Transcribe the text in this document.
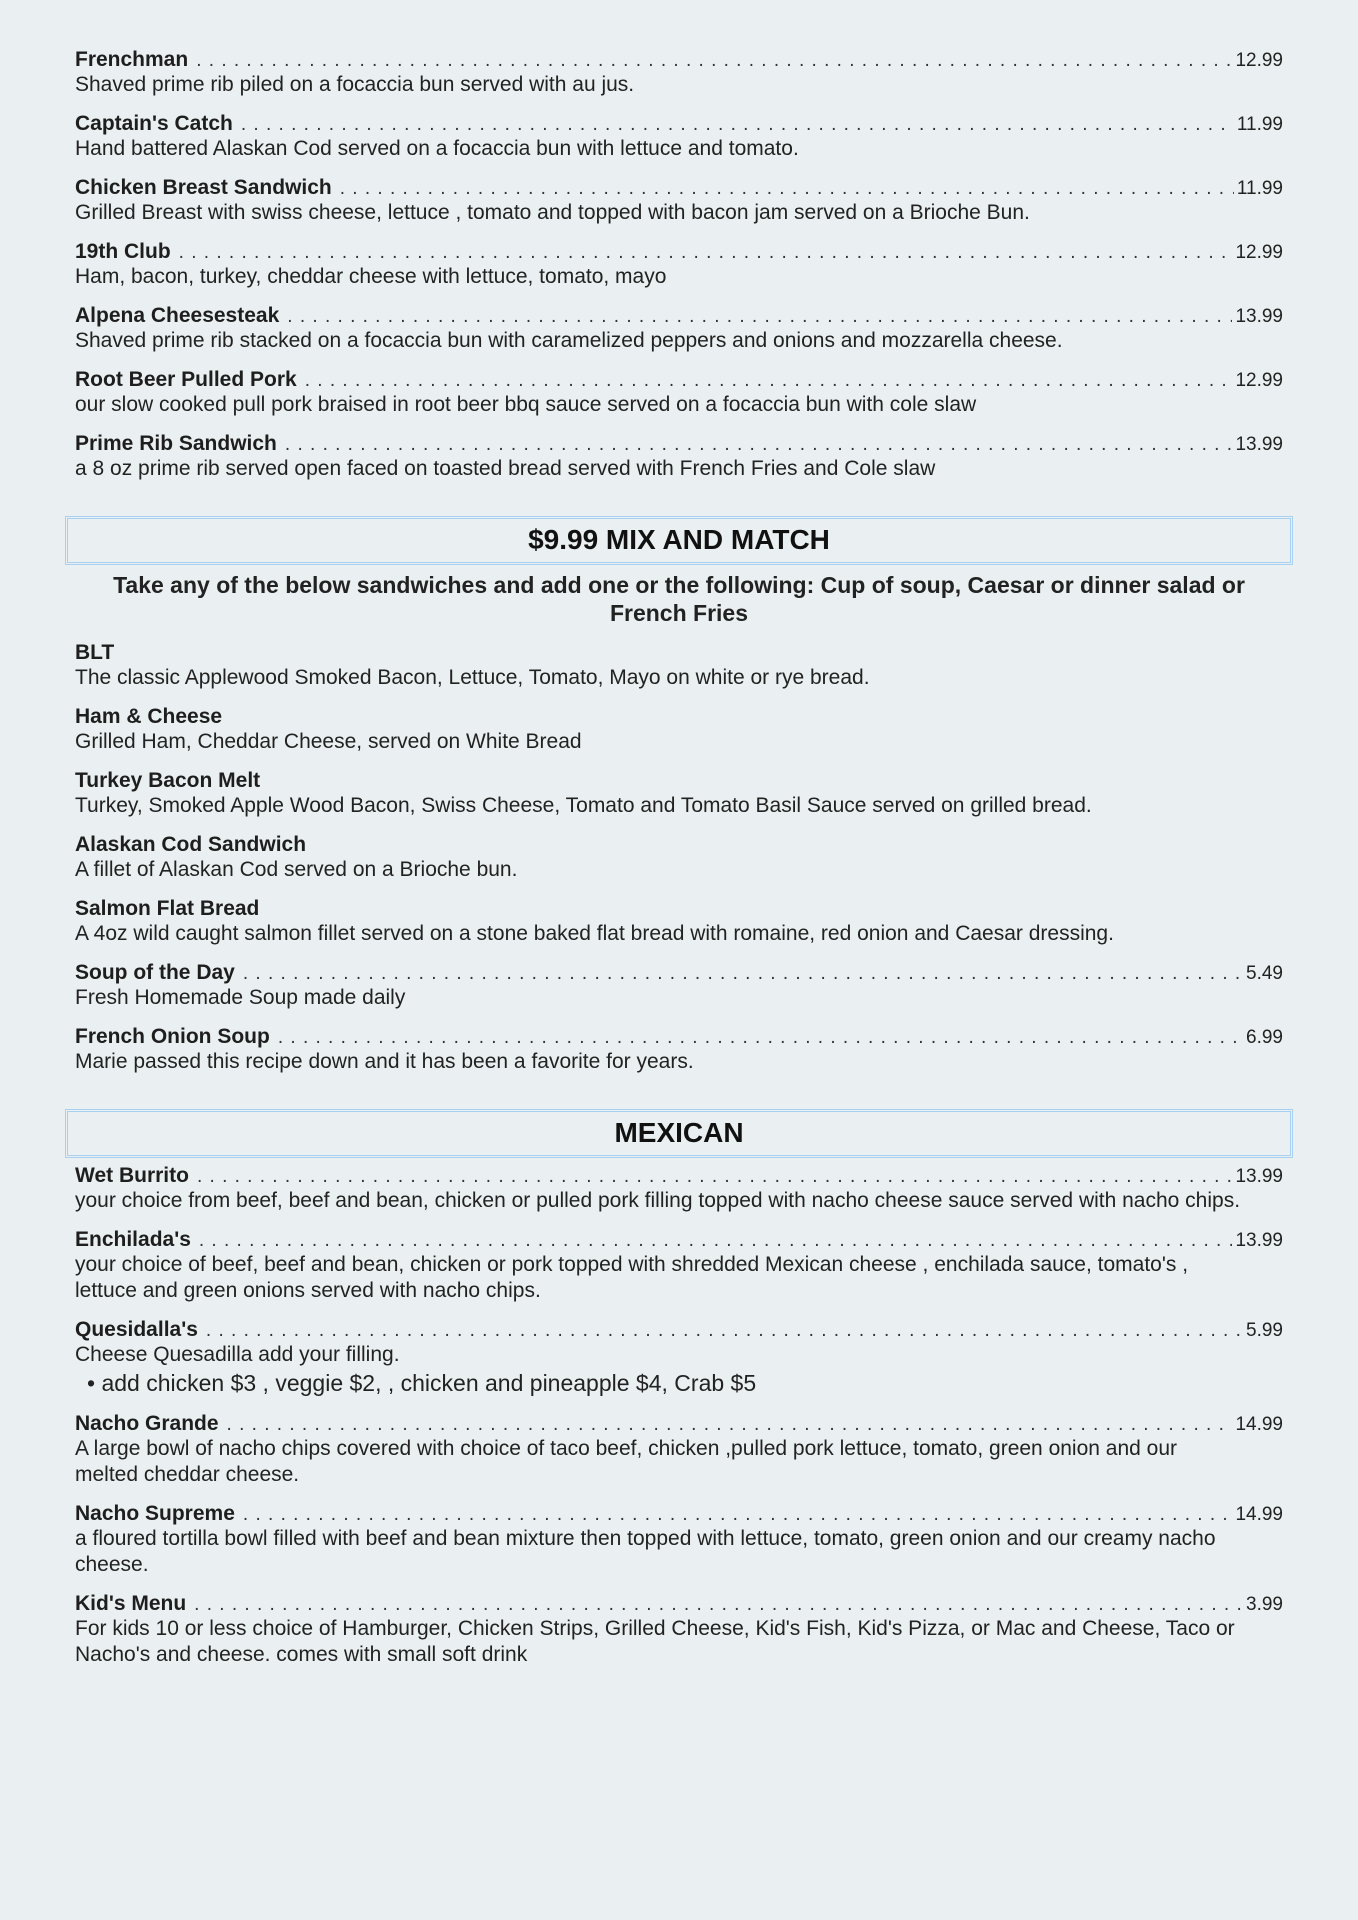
Frenchman . . .	12.99
Shaved prime rib piled on a focaccia bun served with au jus.
Captain's Catch . . .	11.99
Hand battered Alaskan Cod served on a focaccia bun with lettuce and tomato.
Chicken Breast Sandwich . . .	11.99
Grilled Breast with swiss cheese, lettuce , tomato and topped with bacon jam served on a Brioche Bun.
19th Club . . .	12.99
Ham, bacon, turkey, cheddar cheese with lettuce, tomato, mayo
Alpena Cheesesteak . . .	13.99
Shaved prime rib stacked on a focaccia bun with caramelized peppers and onions and mozzarella cheese.
Root Beer Pulled Pork . . .	12.99
our slow cooked pull pork braised in root beer bbq sauce served on a focaccia bun with cole slaw
Prime Rib Sandwich . . .	13.99
a 8 oz prime rib served open faced on toasted bread served with French Fries and Cole slaw
$9.99 MIX AND MATCH
Take any of the below sandwiches and add one or the following: Cup of soup, Caesar or dinner salad or French Fries
BLT
The classic Applewood Smoked Bacon, Lettuce, Tomato, Mayo on white or rye bread.
Ham & Cheese
Grilled Ham, Cheddar Cheese, served on White Bread
Turkey Bacon Melt
Turkey, Smoked Apple Wood Bacon, Swiss Cheese, Tomato and Tomato Basil Sauce served on grilled bread.
Alaskan Cod Sandwich
A fillet of Alaskan Cod served on a Brioche bun.
Salmon Flat Bread
A 4oz wild caught salmon fillet served on a stone baked flat bread with romaine, red onion and Caesar dressing.
Soup of the Day . . .	5.49
Fresh Homemade Soup made daily
French Onion Soup . . .	6.99
Marie passed this recipe down and it has been a favorite for years.
MEXICAN
Wet Burrito . . .	13.99
your choice from beef, beef and bean, chicken or pulled pork filling topped with nacho cheese sauce served with nacho chips.
Enchilada's . . .	13.99
your choice of beef, beef and bean, chicken or pork topped with shredded Mexican cheese , enchilada sauce, tomato's , lettuce and green onions served with nacho chips.
Quesidalla's . . .	5.99
Cheese Quesadilla add your filling.
• add chicken $3 , veggie $2, , chicken and pineapple $4, Crab $5
Nacho Grande . . .	14.99
A large bowl of nacho chips covered with choice of taco beef, chicken ,pulled pork lettuce, tomato, green onion and our melted cheddar cheese.
Nacho Supreme . . .	14.99
a floured tortilla bowl filled with beef and bean mixture then topped with lettuce, tomato, green onion and our creamy nacho cheese.
Kid's Menu . . .	3.99
For kids 10 or less choice of Hamburger, Chicken Strips, Grilled Cheese, Kid's Fish, Kid's Pizza, or Mac and Cheese, Taco or Nacho's and cheese. comes with small soft drink
